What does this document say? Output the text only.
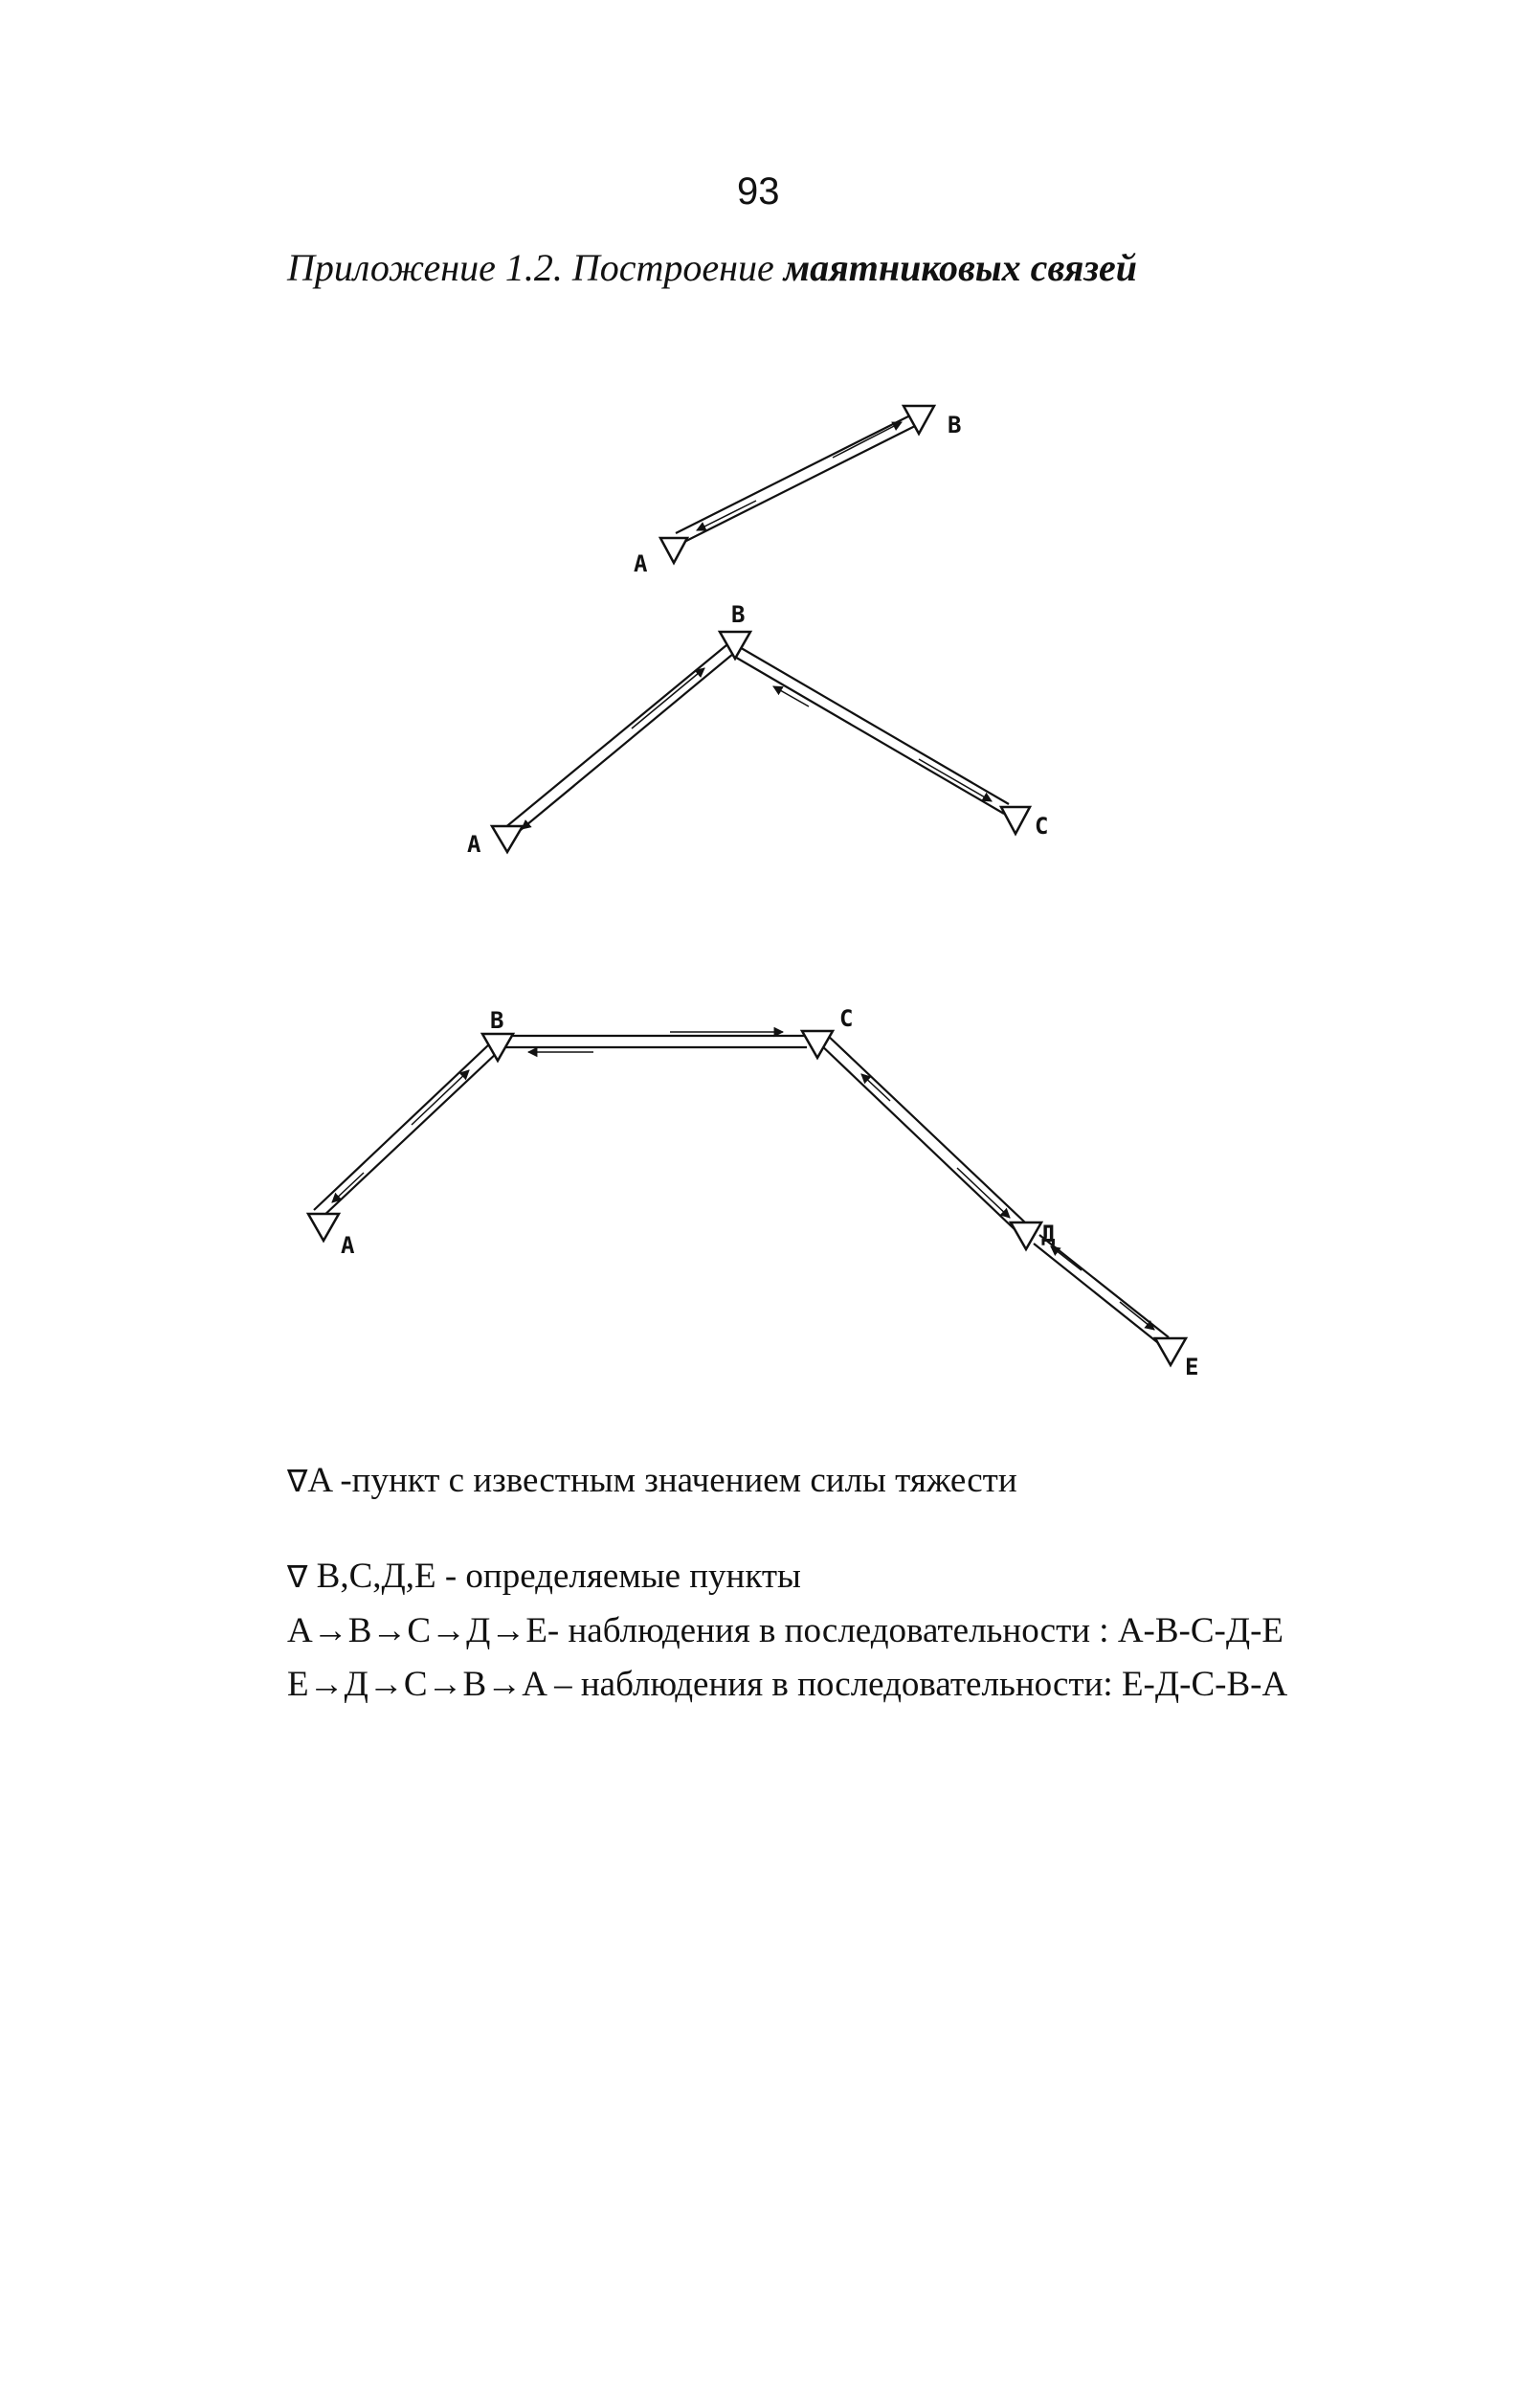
93
Приложение 1.2. Построение маятниковых связей
A
B
A
B
C
A
B	C
Д
E
∇A -пункт с известным значением силы тяжести
∇ В,С,Д,Е - определяемые пункты
A→B→C→Д→E- наблюдения в последовательности : А-В-С-Д-Е
E→Д→C→B→A – наблюдения в последовательности: Е-Д-С-В-А
